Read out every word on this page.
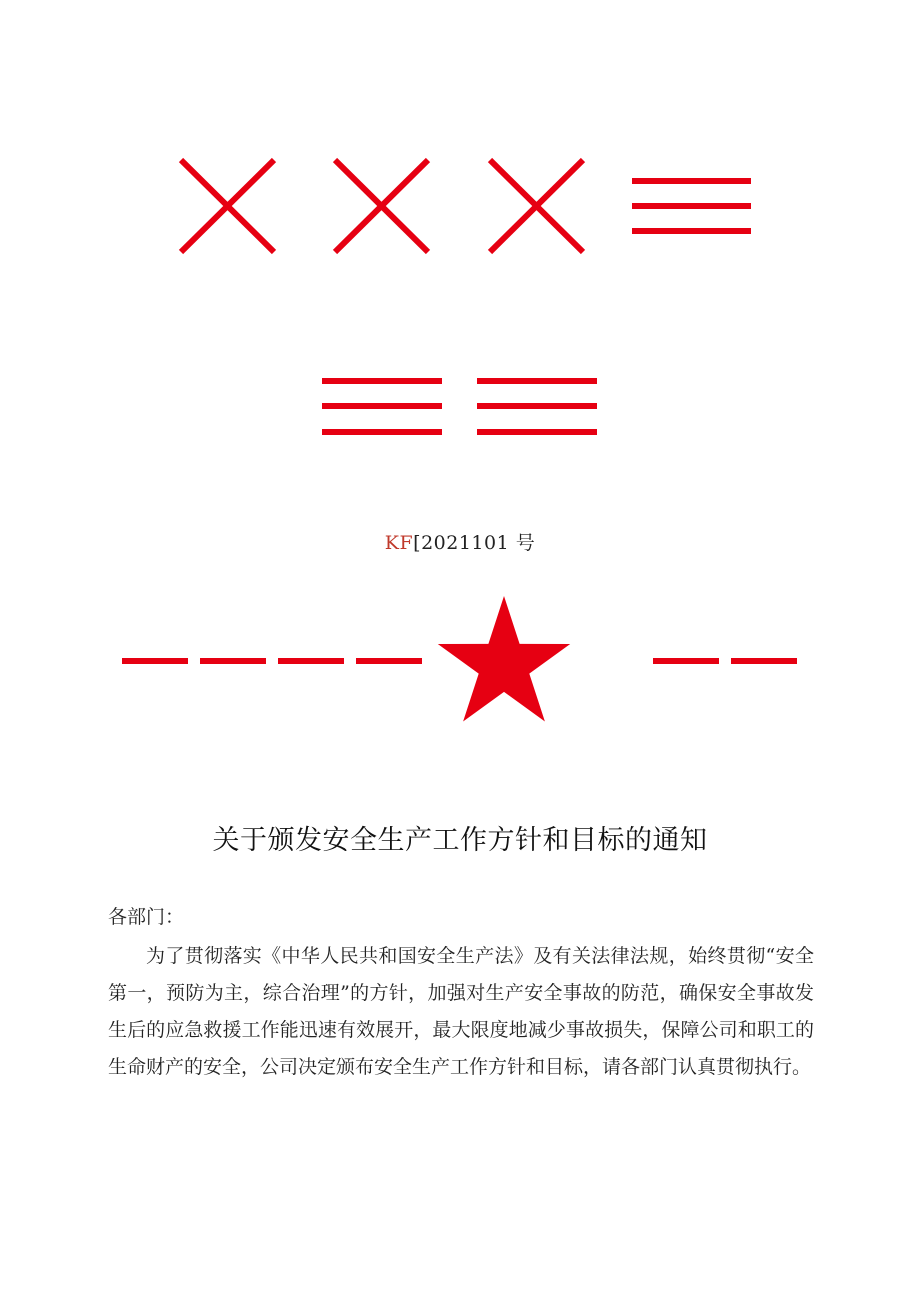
KF[2021101 号
关于颁发安全生产工作方针和目标的通知
各部门：

为了贯彻落实《中华人民共和国安全生产法》及有关法律法规，始终贯彻“安全第一，预防为主，综合治理”的方针，加强对生产安全事故的防范，确保安全事故发生后的应急救援工作能迅速有效展开，最大限度地减少事故损失，保障公司和职工的生命财产的安全，公司决定颁布安全生产工作方针和目标，请各部门认真贯彻执行。
